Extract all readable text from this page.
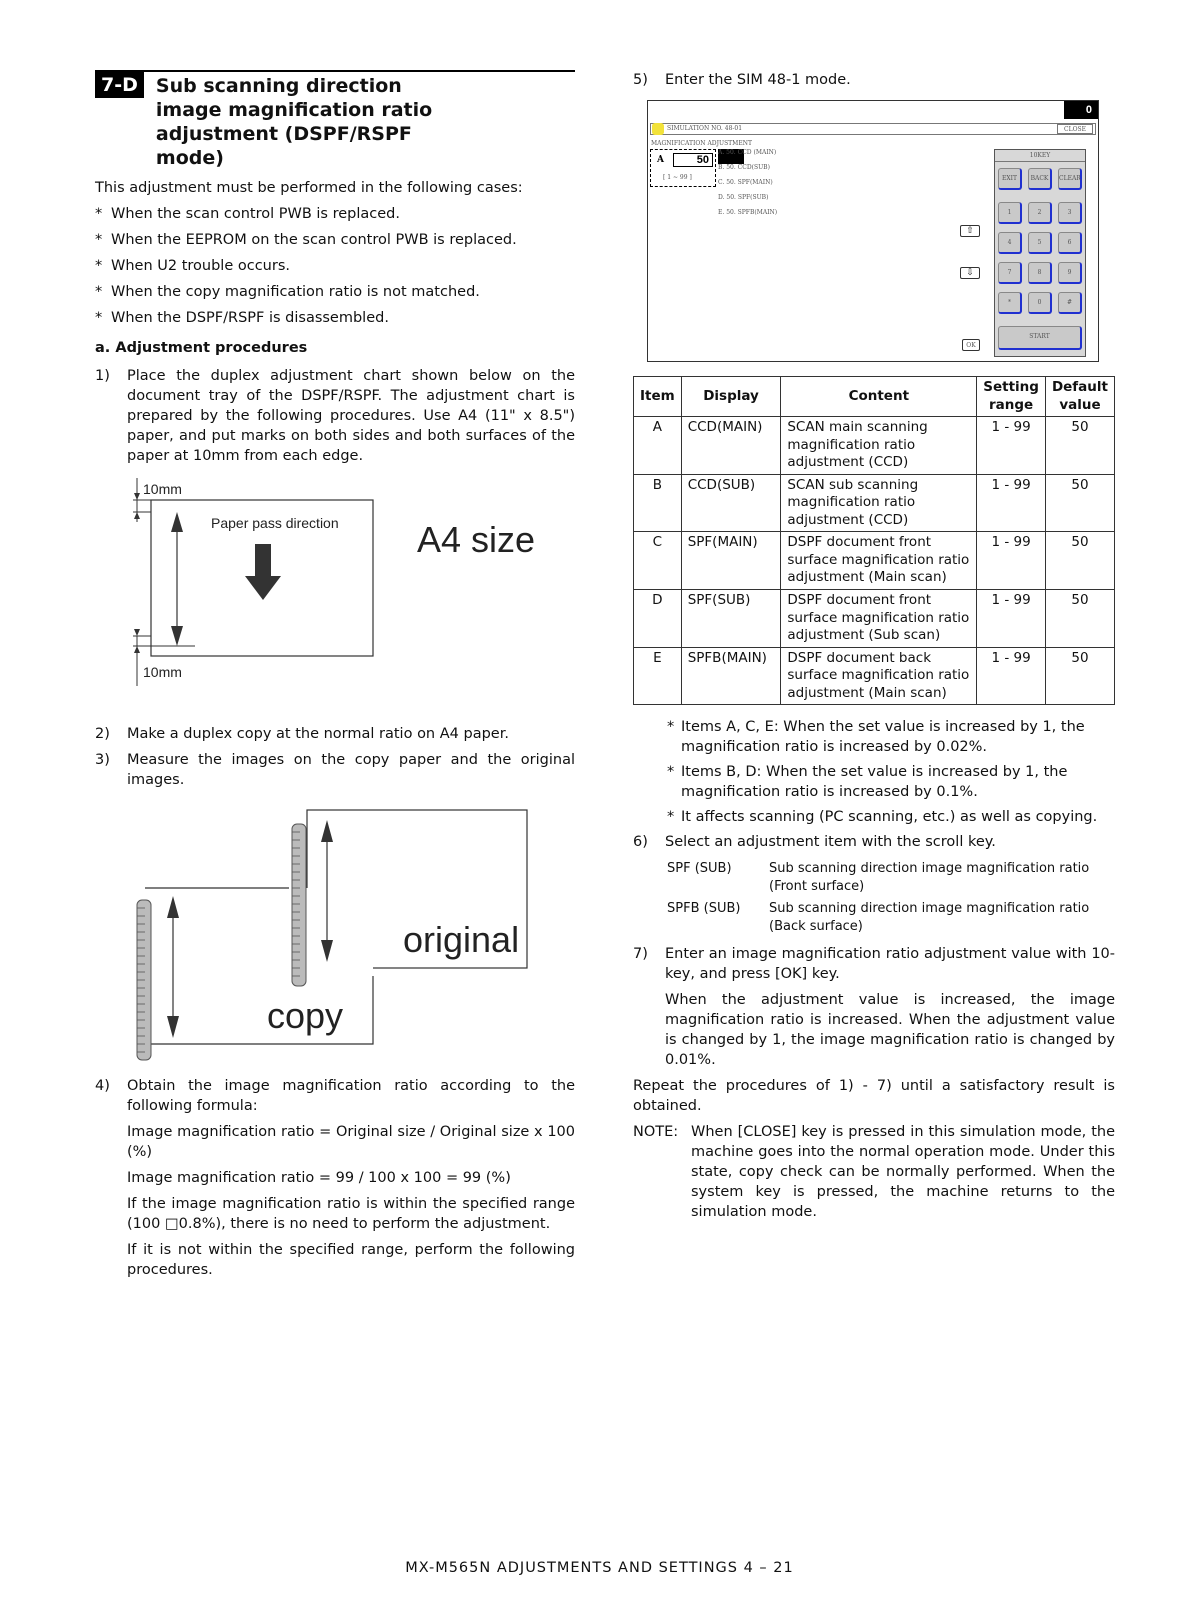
7-D Sub scanning direction image magnification ratio adjustment (DSPF/RSPF mode)

This adjustment must be performed in the following cases:

* When the scan control PWB is replaced.
* When the EEPROM on the scan control PWB is replaced.
* When U2 trouble occurs.
* When the copy magnification ratio is not matched.
* When the DSPF/RSPF is disassembled.
a. Adjustment procedures
1)	Place the duplex adjustment chart shown below on the document tray of the DSPF/RSPF. The adjustment chart is prepared by the following procedures. Use A4 (11" x 8.5") paper, and put marks on both sides and both surfaces of the paper at 10mm from each edge.
10mm
10mm
Paper pass direction A4 size
2)	Make a duplex copy at the normal ratio on A4 paper.
3)	Measure the images on the copy paper and the original images.
original
copy
4)	Obtain the image magnification ratio according to the following formula:
Image magnification ratio = Original size / Original size x 100 (%)
Image magnification ratio = 99 / 100 x 100 = 99 (%)
If the image magnification ratio is within the specified range (100 □0.8%), there is no need to perform the adjustment.
If it is not within the specified range, perform the following procedures.
5)	Enter the SIM 48-1 mode.
0
SIMULATION NO. 48-01	CLOSE
MAGNIFICATION ADJUSTMENT
A	50
[ 1 ~ 99 ]
A. 50. CCD (MAIN)
B. 50. CCD(SUB)
C. 50. SPF(MAIN)
D. 50. SPF(SUB)
E. 50. SPFB(MAIN)
⇧
⇩
OK
10KEY
EXIT	BACK	CLEAR
1	2	3
4	5	6
7	8	9
*	0	#
START
Item	Display	Content	Setting range	Default value
A	CCD(MAIN)	SCAN main scanning magnification ratio adjustment (CCD)	1 - 99	50
B	CCD(SUB)	SCAN sub scanning magnification ratio adjustment (CCD)	1 - 99	50
C	SPF(MAIN)	DSPF document front surface magnification ratio adjustment (Main scan)	1 - 99	50
D	SPF(SUB)	DSPF document front surface magnification ratio adjustment (Sub scan)	1 - 99	50
E	SPFB(MAIN)	DSPF document back surface magnification ratio adjustment (Main scan)	1 - 99	50
* Items A, C, E: When the set value is increased by 1, the magnification ratio is increased by 0.02%.
* Items B, D: When the set value is increased by 1, the magnification ratio is increased by 0.1%.
* It affects scanning (PC scanning, etc.) as well as copying.
6)	Select an adjustment item with the scroll key.
SPF (SUB)	Sub scanning direction image magnification ratio (Front surface)
SPFB (SUB)	Sub scanning direction image magnification ratio (Back surface)
7)	Enter an image magnification ratio adjustment value with 10-key, and press [OK] key.
When the adjustment value is increased, the image magnification ratio is increased. When the adjustment value is changed by 1, the image magnification ratio is changed by 0.01%.

Repeat the procedures of 1) - 7) until a satisfactory result is obtained.

NOTE: When [CLOSE] key is pressed in this simulation mode, the machine goes into the normal operation mode. Under this state, copy check can be normally performed. When the system key is pressed, the machine returns to the simulation mode.
MX-M565N ADJUSTMENTS AND SETTINGS 4 – 21
